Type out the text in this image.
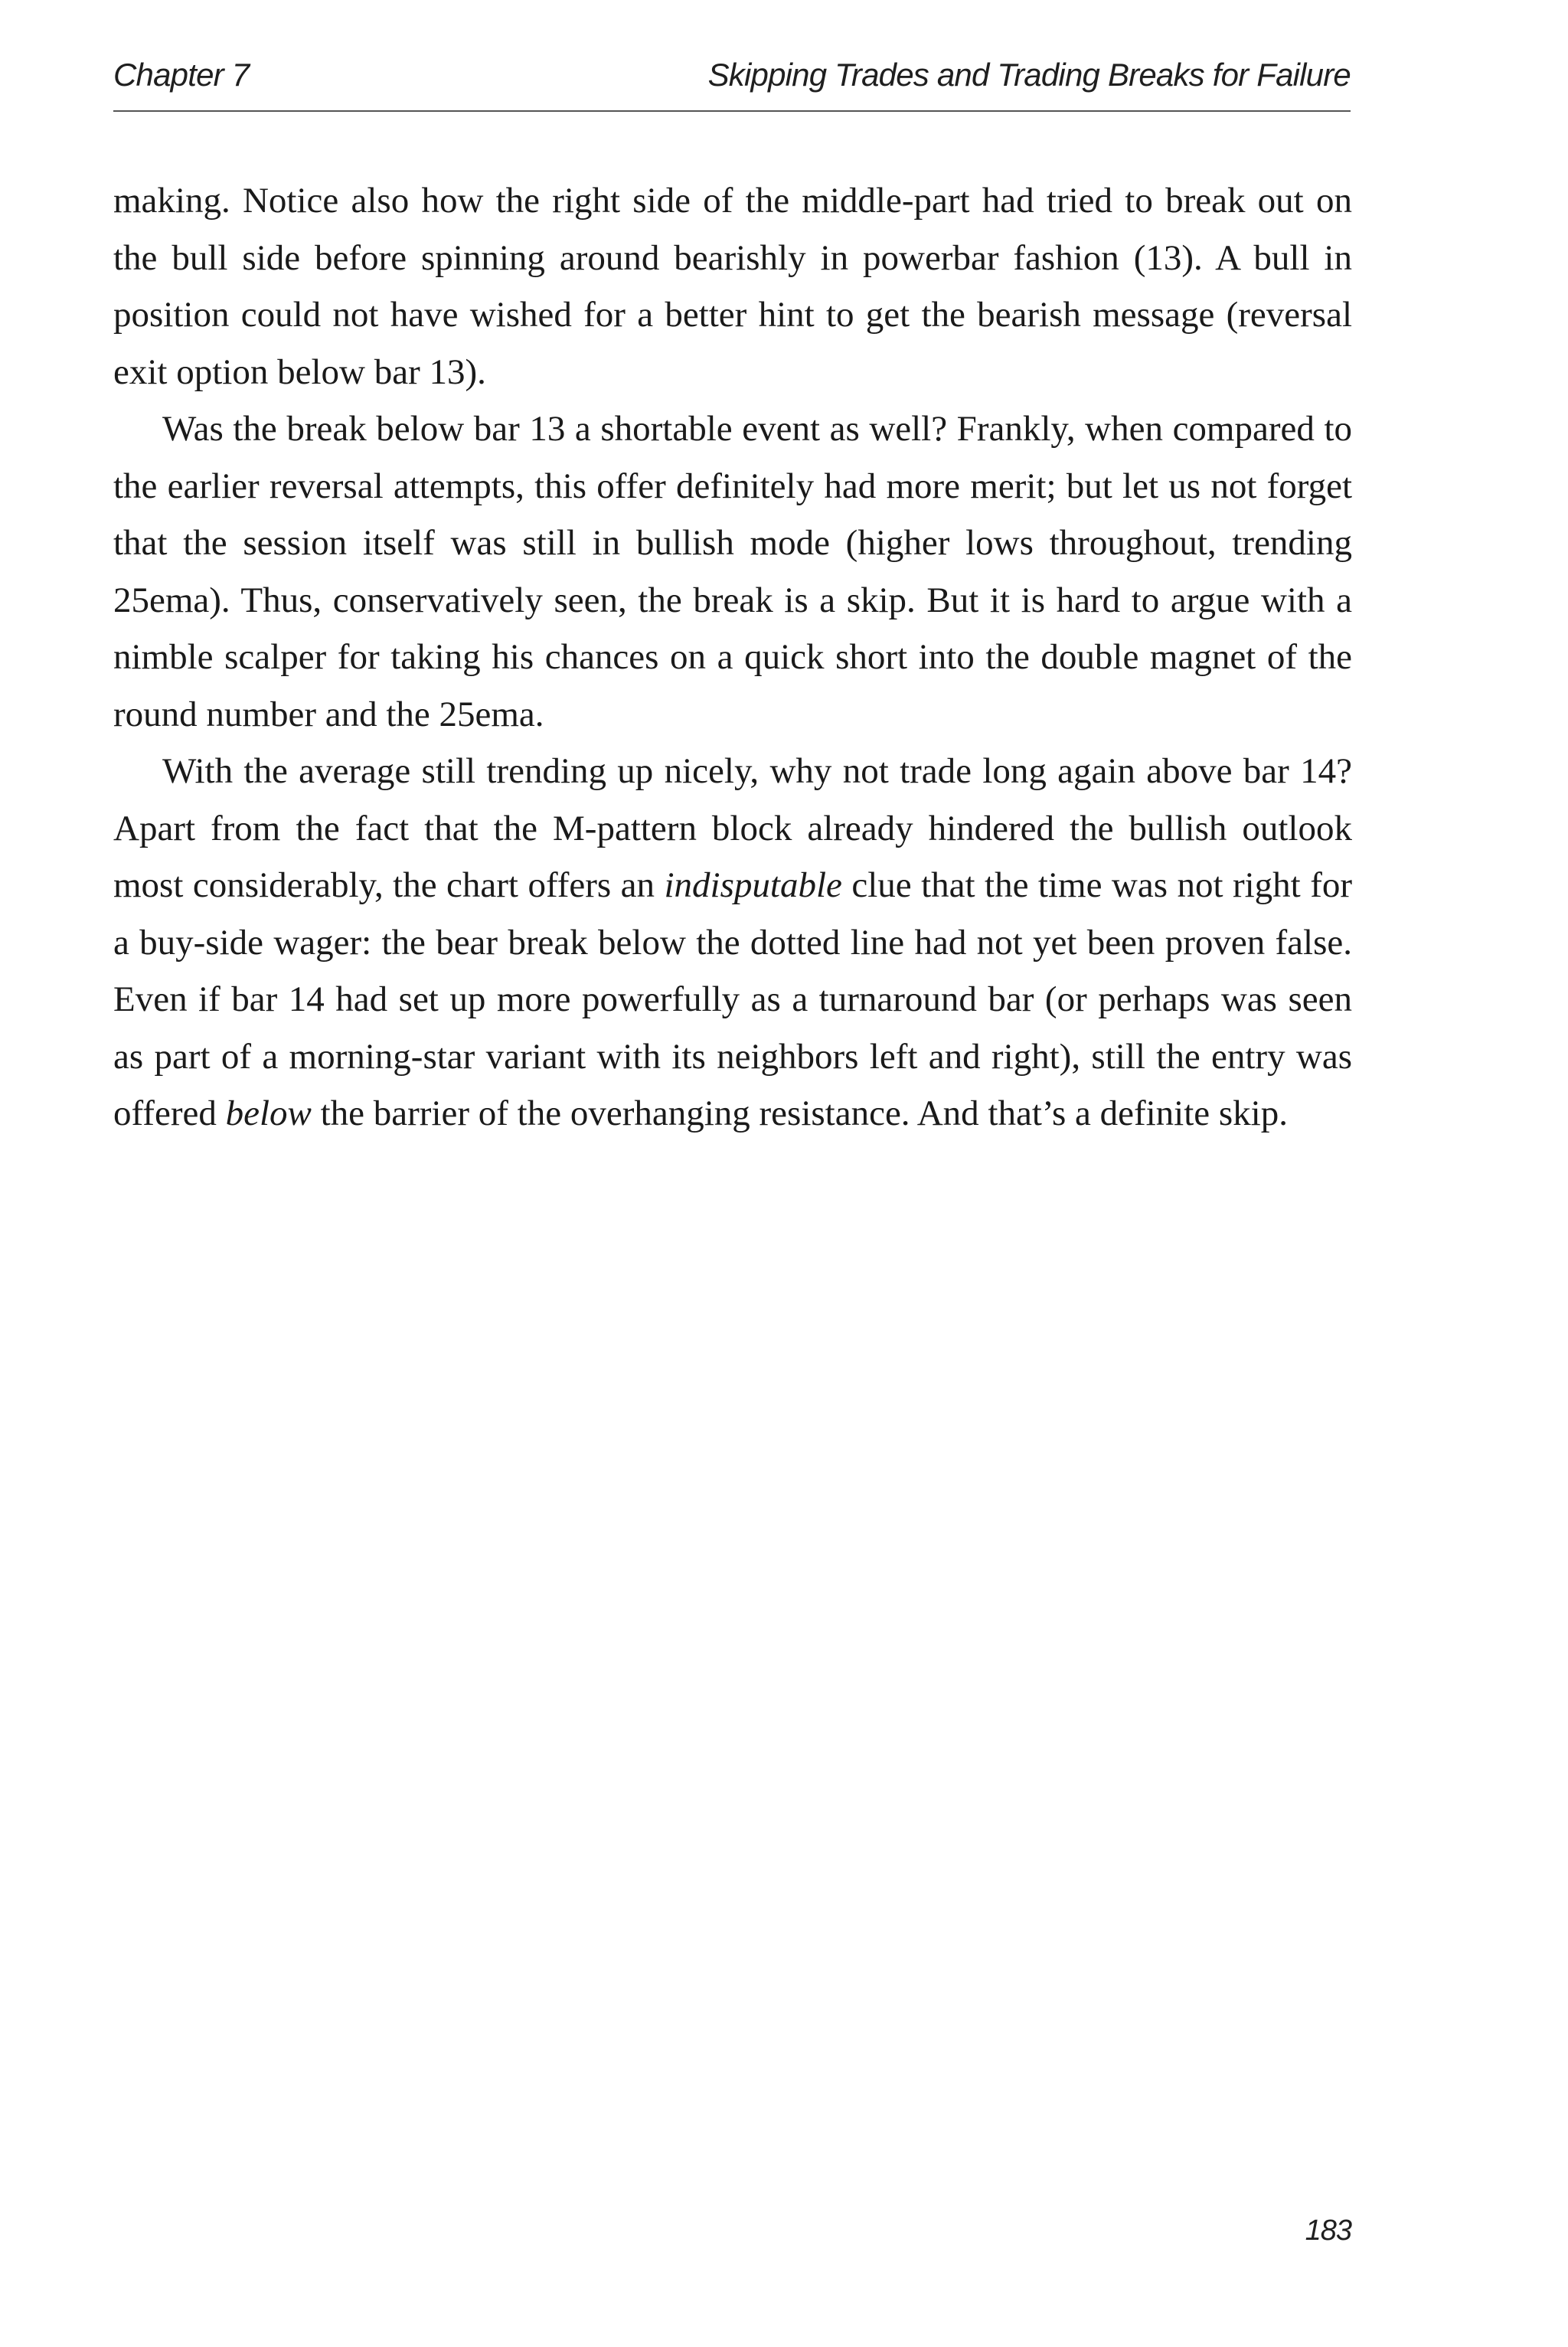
Chapter 7	Skipping Trades and Trading Breaks for Failure

making. Notice also how the right side of the middle-part had tried to break out on the bull side before spinning around bearishly in powerbar fashion (13). A bull in position could not have wished for a better hint to get the bearish message (reversal exit option below bar 13).

Was the break below bar 13 a shortable event as well? Frankly, when compared to the earlier reversal attempts, this offer definitely had more merit; but let us not forget that the session itself was still in bullish mode (higher lows throughout, trending 25ema). Thus, conservatively seen, the break is a skip. But it is hard to argue with a nimble scalper for taking his chances on a quick short into the double magnet of the round number and the 25ema.

With the average still trending up nicely, why not trade long again above bar 14? Apart from the fact that the M-pattern block already hindered the bullish outlook most considerably, the chart offers an indisputable clue that the time was not right for a buy-side wager: the bear break below the dotted line had not yet been proven false. Even if bar 14 had set up more powerfully as a turnaround bar (or perhaps was seen as part of a morning-star variant with its neighbors left and right), still the entry was offered below the barrier of the overhanging resistance. And that’s a definite skip.

183
